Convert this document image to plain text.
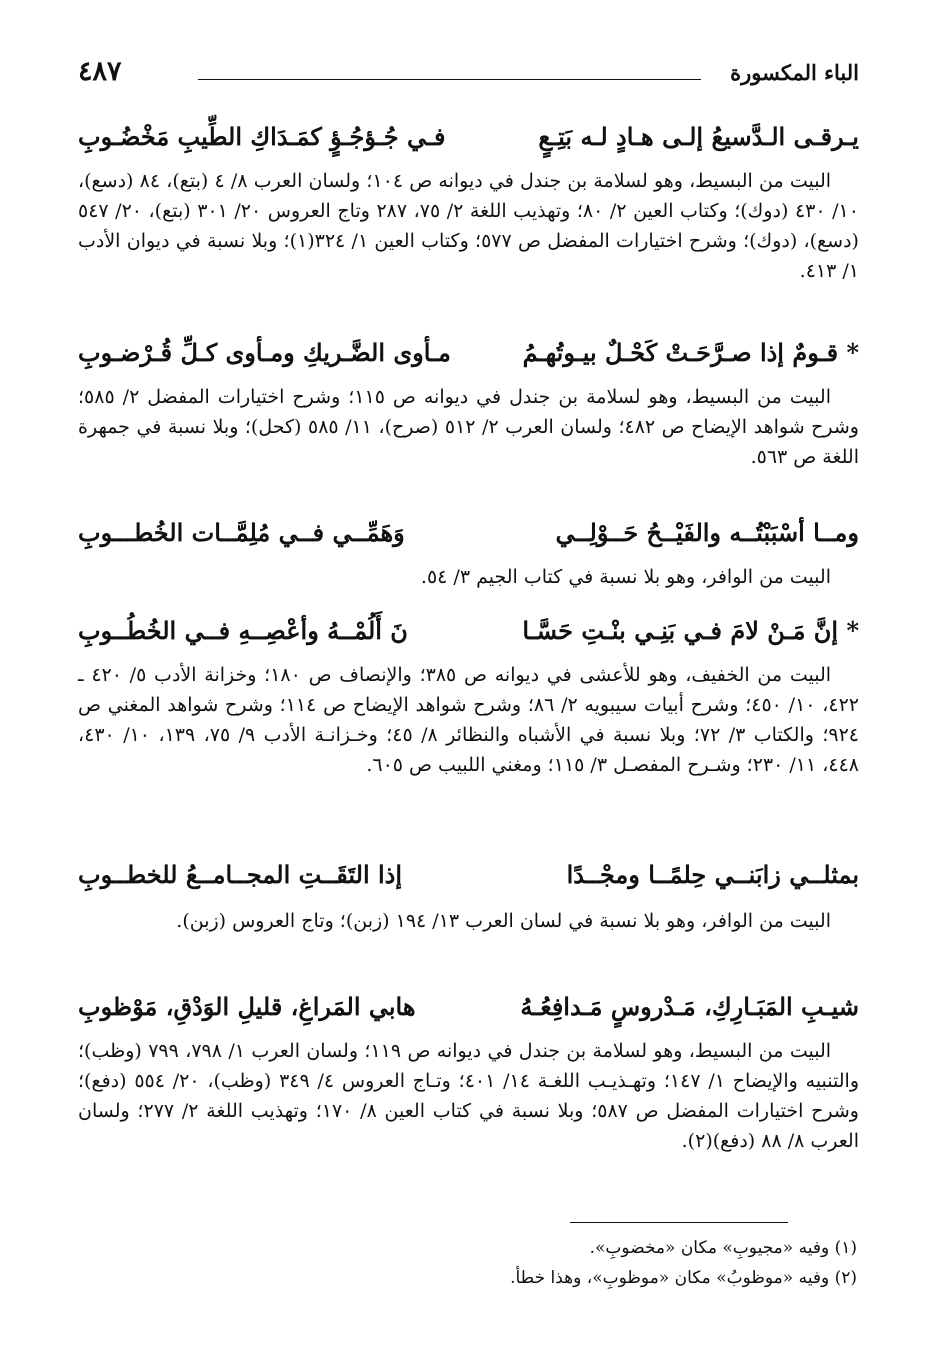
الباء المكسورة
٤٨٧
يـرقـى الـدَّسيعُ إلـى هـادٍ لـه بَتِـعٍ
فـي جُـؤجُـؤٍ كمَـدَاكِ الطِّيبِ مَخْضُـوبِ

البيت من البسيط، وهو لسلامة بن جندل في ديوانه ص ١٠٤؛ ولسان العرب ٨/ ٤ (بتع)، ٨٤ (دسع)، ١٠/ ٤٣٠ (دوك)؛ وكتاب العين ٢/ ٨٠؛ وتهذيب اللغة ٢/ ٧٥، ٢٨٧ وتاج العروس ٢٠/ ٣٠١ (بتع)، ٢٠/ ٥٤٧ (دسع)، (دوك)؛ وشرح اختيارات المفضل ص ٥٧٧؛ وكتاب العين ١/ ٣٢٤(١)؛ وبلا نسبة في ديوان الأدب ١/ ٤١٣.

* قـومٌ إذا صـرَّحَـتْ كَحْـلٌ بيـوتُهـمُ
مـأوى الضَّـريكِ ومـأوى كـلِّ قُـرْضـوبِ

البيت من البسيط، وهو لسلامة بن جندل في ديوانه ص ١١٥؛ وشرح اختيارات المفضل ٢/ ٥٨٥؛ وشرح شواهد الإيضاح ص ٤٨٢؛ ولسان العرب ٢/ ٥١٢ (صرح)، ١١/ ٥٨٥ (كحل)؛ وبلا نسبة في جمهرة اللغة ص ٥٦٣.

ومــا أسْبَبْتُــه والفَيْــحُ حَــوْلِــي
وَهَمِّــي فــي مُلِمَّــات الخُطـــوبِ

البيت من الوافر، وهو بلا نسبة في كتاب الجيم ٣/ ٥٤.

* إنَّ مَـنْ لامَ فـي بَنِـي بنْـتِ حَسَّـا
نَ أَلُمْــهُ وأعْصِــهِ فــي الخُطُــوبِ

البيت من الخفيف، وهو للأعشى في ديوانه ص ٣٨٥؛ والإنصاف ص ١٨٠؛ وخزانة الأدب ٥/ ٤٢٠ ـ ٤٢٢، ١٠/ ٤٥٠؛ وشرح أبيات سيبويه ٢/ ٨٦؛ وشرح شواهد الإيضاح ص ١١٤؛ وشرح شواهد المغني ص ٩٢٤؛ والكتاب ٣/ ٧٢؛ وبلا نسبة في الأشباه والنظائر ٨/ ٤٥؛ وخـزانـة الأدب ٩/ ٧٥، ١٣٩، ١٠/ ٤٣٠، ٤٤٨، ١١/ ٢٣٠؛ وشـرح المفصـل ٣/ ١١٥؛ ومغني اللبيب ص ٦٠٥.

بمثلــي زابَنــي حِلمًــا ومجْــدًا
إذا التَقَــتِ المجــامــعُ للخطــوبِ

البيت من الوافر، وهو بلا نسبة في لسان العرب ١٣/ ١٩٤ (زبن)؛ وتاج العروس (زبن).

شيـبِ المَبَـارِكِ، مَـدْروسٍ مَـدافِعُـهُ
هابي المَراغِ، قليلِ الوَدْقِ، مَوْظوبِ

البيت من البسيط، وهو لسلامة بن جندل في ديوانه ص ١١٩؛ ولسان العرب ١/ ٧٩٨، ٧٩٩ (وظب)؛ والتنبيه والإيضاح ١/ ١٤٧؛ وتهـذيـب اللغـة ١٤/ ٤٠١؛ وتـاج العروس ٤/ ٣٤٩ (وظب)، ٢٠/ ٥٥٤ (دفع)؛ وشرح اختيارات المفضل ص ٥٨٧؛ وبلا نسبة في كتاب العين ٨/ ١٧٠؛ وتهذيب اللغة ٢/ ٢٧٧؛ ولسان العرب ٨/ ٨٨ (دفع)(٢).

(١) وفيه «مجيوبِ» مكان «مخضوبِ».
(٢) وفيه «موظوبُ» مكان «موظوبِ»، وهذا خطأ.
